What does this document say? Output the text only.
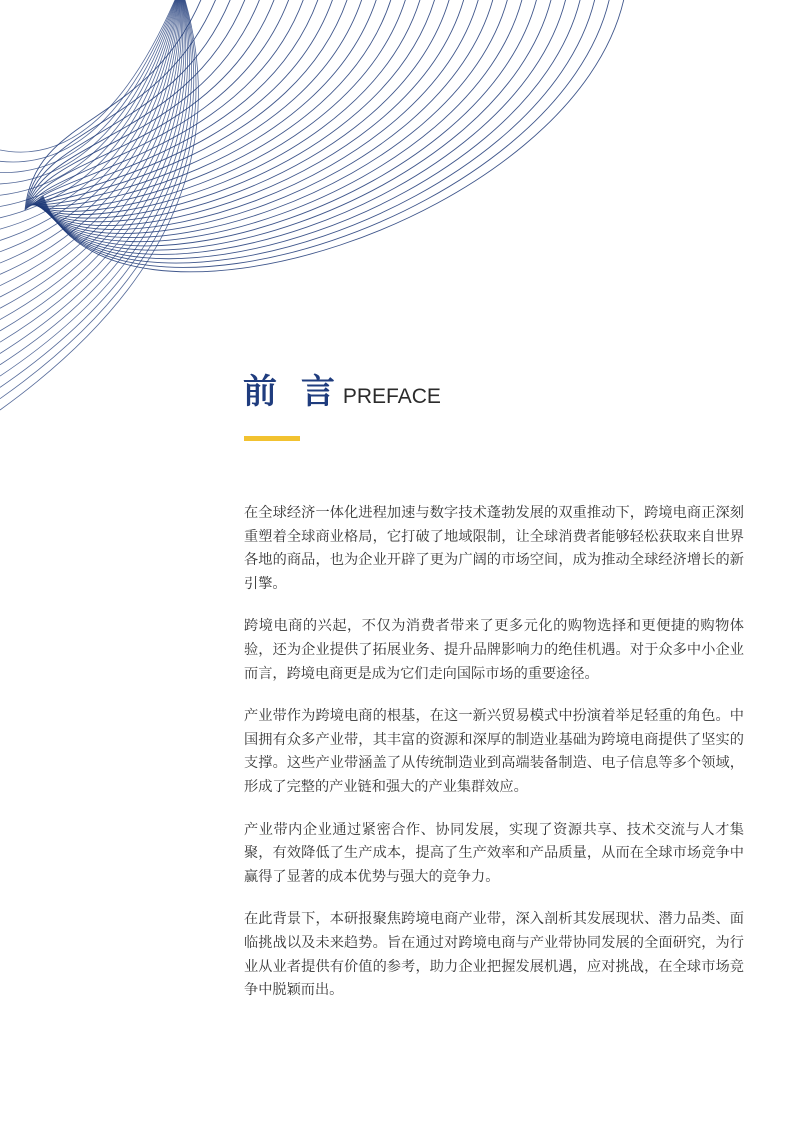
前 言 PREFACE

在全球经济一体化进程加速与数字技术蓬勃发展的双重推动下，跨境电商正深刻重塑着全球商业格局，它打破了地域限制，让全球消费者能够轻松获取来自世界各地的商品，也为企业开辟了更为广阔的市场空间，成为推动全球经济增长的新引擎。

跨境电商的兴起，不仅为消费者带来了更多元化的购物选择和更便捷的购物体验，还为企业提供了拓展业务、提升品牌影响力的绝佳机遇。对于众多中小企业而言，跨境电商更是成为它们走向国际市场的重要途径。

产业带作为跨境电商的根基，在这一新兴贸易模式中扮演着举足轻重的角色。中国拥有众多产业带，其丰富的资源和深厚的制造业基础为跨境电商提供了坚实的支撑。这些产业带涵盖了从传统制造业到高端装备制造、电子信息等多个领域，形成了完整的产业链和强大的产业集群效应。

产业带内企业通过紧密合作、协同发展，实现了资源共享、技术交流与人才集聚，有效降低了生产成本，提高了生产效率和产品质量，从而在全球市场竞争中赢得了显著的成本优势与强大的竞争力。

在此背景下，本研报聚焦跨境电商产业带，深入剖析其发展现状、潜力品类、面临挑战以及未来趋势。旨在通过对跨境电商与产业带协同发展的全面研究，为行业从业者提供有价值的参考，助力企业把握发展机遇，应对挑战，在全球市场竞争中脱颖而出。
